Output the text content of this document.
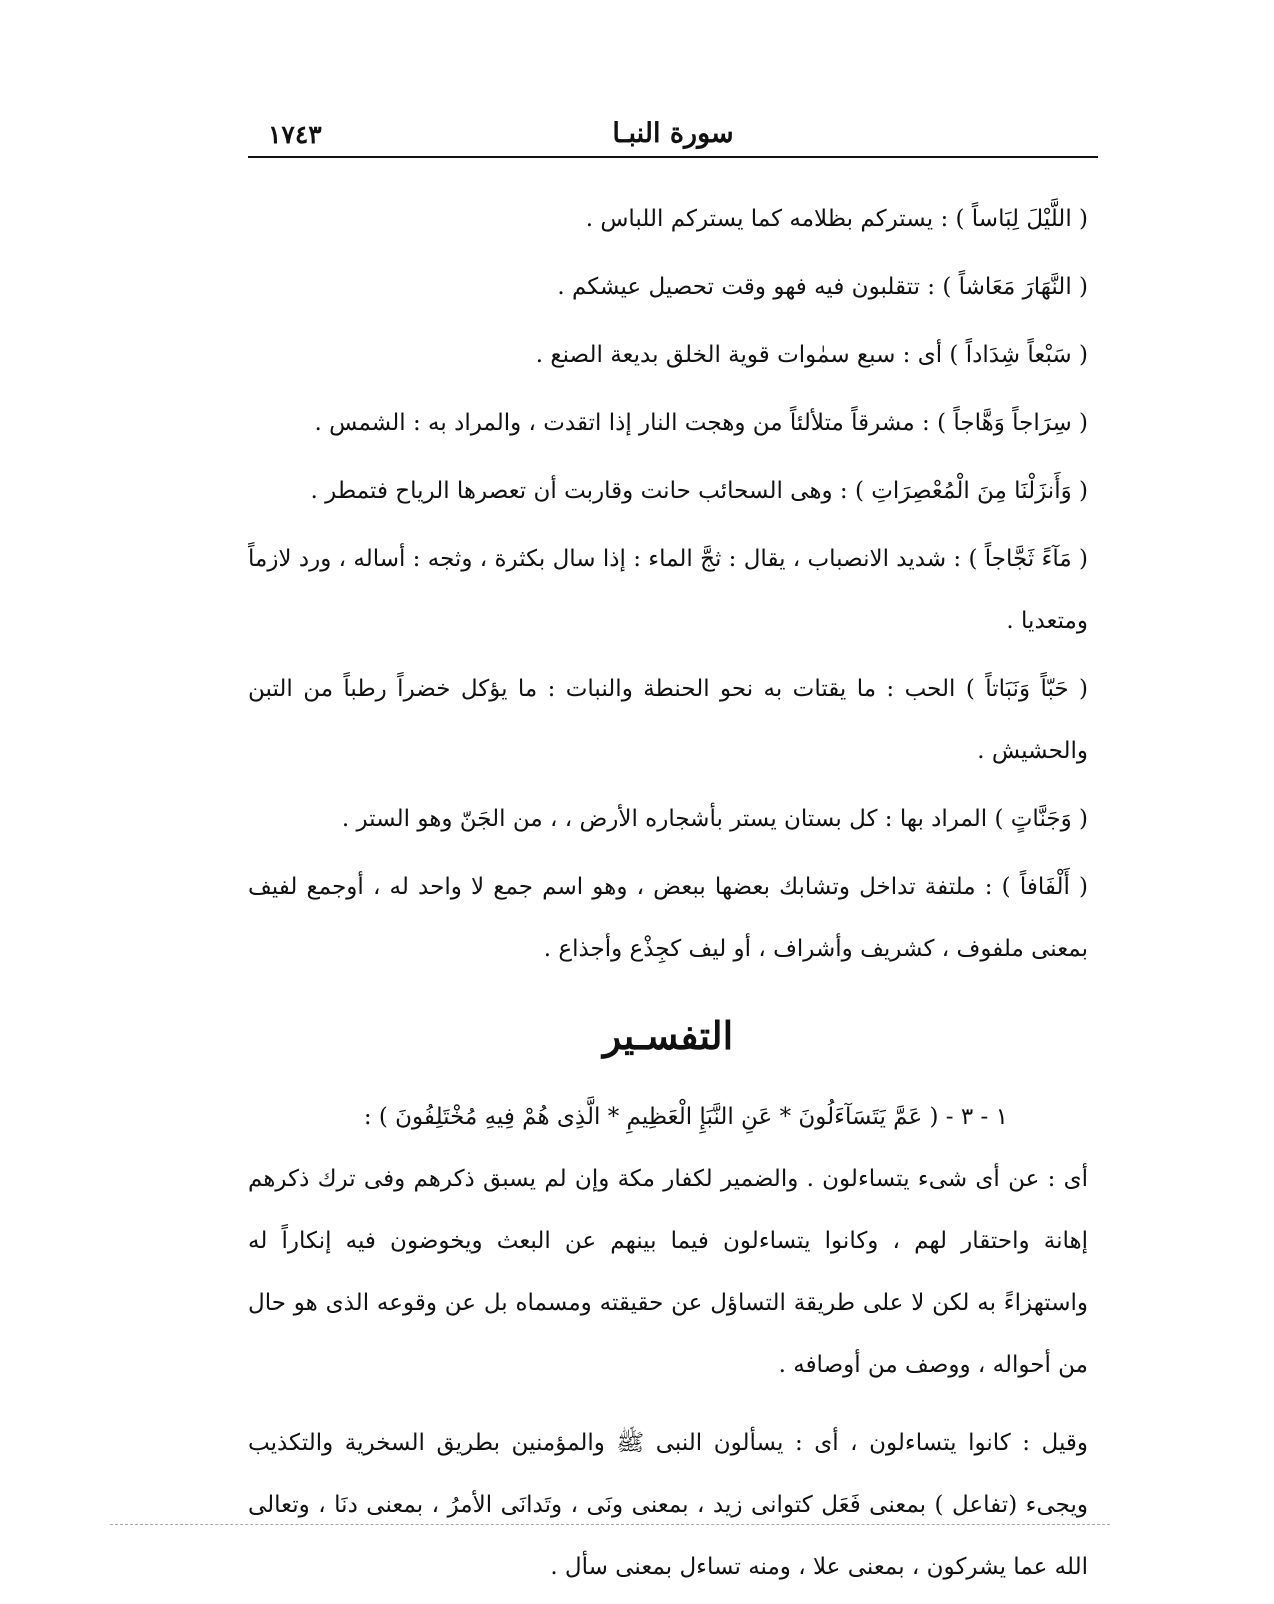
سورة النبـا
١٧٤٣

( اللَّيْلَ لِبَاساً ) : يستركم بظلامه كما يستركم اللباس .

( النَّهَارَ مَعَاشاً ) : تتقلبون فيه فهو وقت تحصيل عيشكم .

( سَبْعاً شِدَاداً ) أى : سبع سمٰوات قوية الخلق بديعة الصنع .

( سِرَاجاً وَهَّاجاً ) : مشرقاً متلألئاً من وهجت النار إذا اتقدت ، والمراد به : الشمس .

( وَأَنزَلْنَا مِنَ الْمُعْصِرَاتِ ) : وهى السحائب حانت وقاربت أن تعصرها الرياح فتمطر .

( مَآءً ثَجَّاجاً ) : شديد الانصباب ، يقال : ثجَّ الماء : إذا سال بكثرة ، وثجه : أساله ، ورد لازماً ومتعديا .

( حَبّاً وَنَبَاتاً ) الحب : ما يقتات به نحو الحنطة والنبات : ما يؤكل خضراً رطباً من التبن والحشيش .

( وَجَنَّاتٍ ) المراد بها : كل بستان يستر بأشجاره الأرض ، ، من الجَنّ وهو الستر .

( أَلْفَافاً ) : ملتفة تداخل وتشابك بعضها ببعض ، وهو اسم جمع لا واحد له ، أوجمع لفيف بمعنى ملفوف ، كشريف وأشراف ، أو ليف كجِذْع وأجذاع .

التفسـير

١ - ٣ - ( عَمَّ يَتَسَآءَلُونَ * عَنِ النَّبَإِ الْعَظِيمِ * الَّذِى هُمْ فِيهِ مُخْتَلِفُونَ ) :

أى : عن أى شىء يتساءلون . والضمير لكفار مكة وإن لم يسبق ذكرهم وفى ترك ذكرهم إهانة واحتقار لهم ، وكانوا يتساءلون فيما بينهم عن البعث ويخوضون فيه إنكاراً له واستهزاءً به لكن لا على طريقة التساؤل عن حقيقته ومسماه بل عن وقوعه الذى هو حال من أحواله ، ووصف من أوصافه .

وقيل : كانوا يتساءلون ، أى : يسألون النبى ﷺ والمؤمنين بطريق السخرية والتكذيب ويجىء (تفاعل ) بمعنى فَعَل كتوانى زيد ، بمعنى ونَى ، وتَدانَى الأمرُ ، بمعنى دنَا ، وتعالى الله عما يشركون ، بمعنى علا ، ومنه تساءل بمعنى سأل .
